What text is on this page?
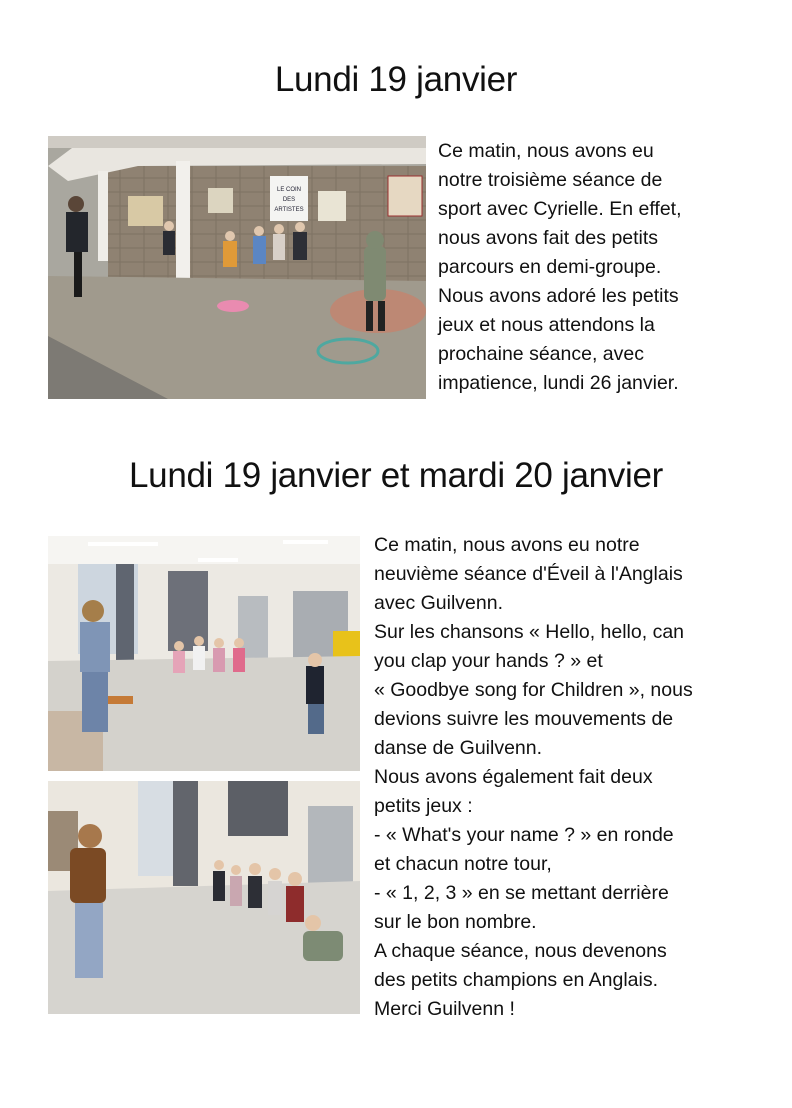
Lundi 19 janvier
LE COIN
DES
ARTISTES

Ce matin, nous avons eu

notre troisième séance de

sport avec Cyrielle. En effet,

nous avons fait des petits

parcours en demi-groupe.

Nous avons adoré les petits

jeux et nous attendons la

prochaine séance, avec

impatience, lundi 26 janvier.

Lundi 19 janvier et mardi 20 janvier

Ce matin, nous avons eu notre

neuvième séance d'Éveil à l'Anglais

avec Guilvenn.

Sur les chansons « Hello, hello, can

you clap your hands ? » et

« Goodbye song for Children », nous

devions suivre les mouvements de

danse de Guilvenn.

Nous avons également fait deux

petits jeux :

- « What's your name ? » en ronde

et chacun notre tour,

- « 1, 2, 3 » en se mettant derrière

sur le bon nombre.

A chaque séance, nous devenons

des petits champions en Anglais.

Merci Guilvenn !
